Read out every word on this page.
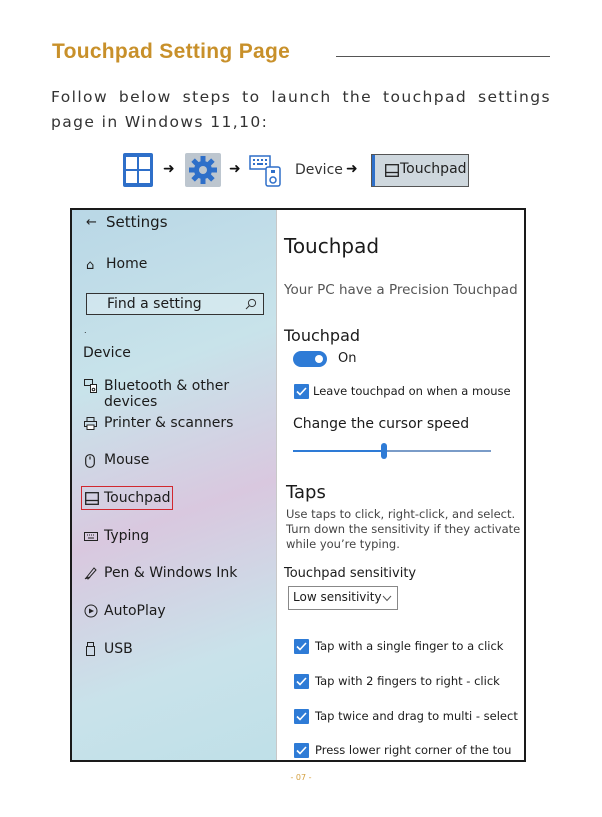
Touchpad Setting Page
Follow below steps to launch the touchpad settings page in Windows 11,10:
➜	➜	Device ➜	Touchpad
← Settings
⌂ Home
Find a setting
.
Device
Bluetooth & other devices
Printer & scanners
Mouse
Touchpad
Typing
Pen & Windows Ink
AutoPlay
USB
Touchpad
Your PC have a Precision Touchpad
Touchpad
On
Leave touchpad on when a mouse
Change the cursor speed
Taps
Use taps to click, right-click, and select.
Turn down the sensitivity if they activate
while you’re typing.
Touchpad sensitivity
Low sensitivity
Tap with a single finger to a click
Tap with 2 fingers to right - click
Tap twice and drag to multi - select
Press lower right corner of the tou
- 07 -
